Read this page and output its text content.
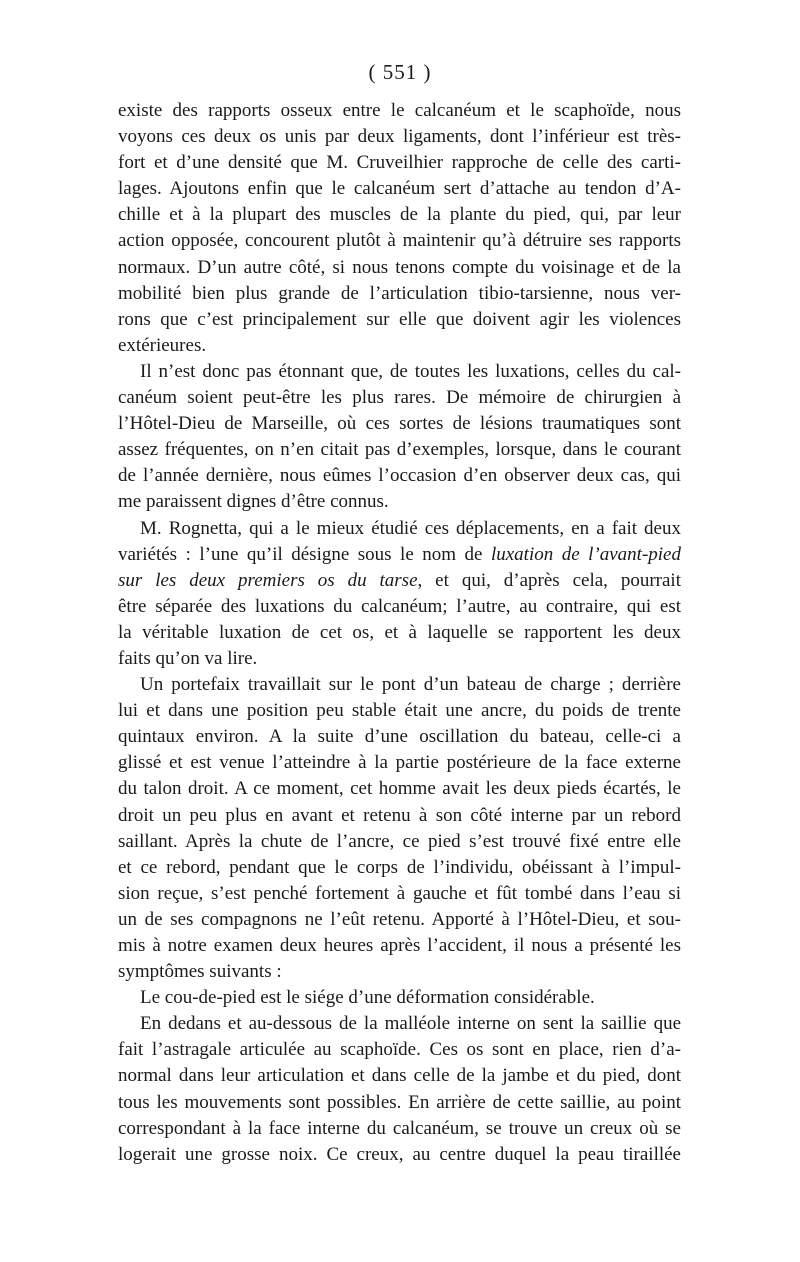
( 551 )
existe des rapports osseux entre le calcanéum et le scaphoïde, nous
voyons ces deux os unis par deux ligaments, dont l’inférieur est très-
fort et d’une densité que M. Cruveilhier rapproche de celle des carti-
lages. Ajoutons enfin que le calcanéum sert d’attache au tendon d’A-
chille et à la plupart des muscles de la plante du pied, qui, par leur
action opposée, concourent plutôt à maintenir qu’à détruire ses rapports
normaux. D’un autre côté, si nous tenons compte du voisinage et de la
mobilité bien plus grande de l’articulation tibio-tarsienne, nous ver-
rons que c’est principalement sur elle que doivent agir les violences
extérieures.
Il n’est donc pas étonnant que, de toutes les luxations, celles du cal-
canéum soient peut-être les plus rares. De mémoire de chirurgien à
l’Hôtel-Dieu de Marseille, où ces sortes de lésions traumatiques sont
assez fréquentes, on n’en citait pas d’exemples, lorsque, dans le courant
de l’année dernière, nous eûmes l’occasion d’en observer deux cas, qui
me paraissent dignes d’être connus.
M. Rognetta, qui a le mieux étudié ces déplacements, en a fait deux
variétés : l’une qu’il désigne sous le nom de luxation de l’avant-pied
sur les deux premiers os du tarse, et qui, d’après cela, pourrait
être séparée des luxations du calcanéum; l’autre, au contraire, qui est
la véritable luxation de cet os, et à laquelle se rapportent les deux
faits qu’on va lire.
Un portefaix travaillait sur le pont d’un bateau de charge ; derrière
lui et dans une position peu stable était une ancre, du poids de trente
quintaux environ. A la suite d’une oscillation du bateau, celle-ci a
glissé et est venue l’atteindre à la partie postérieure de la face externe
du talon droit. A ce moment, cet homme avait les deux pieds écartés, le
droit un peu plus en avant et retenu à son côté interne par un rebord
saillant. Après la chute de l’ancre, ce pied s’est trouvé fixé entre elle
et ce rebord, pendant que le corps de l’individu, obéissant à l’impul-
sion reçue, s’est penché fortement à gauche et fût tombé dans l’eau si
un de ses compagnons ne l’eût retenu. Apporté à l’Hôtel-Dieu, et sou-
mis à notre examen deux heures après l’accident, il nous a présenté les
symptômes suivants :
Le cou-de-pied est le siége d’une déformation considérable.
En dedans et au-dessous de la malléole interne on sent la saillie que
fait l’astragale articulée au scaphoïde. Ces os sont en place, rien d’a-
normal dans leur articulation et dans celle de la jambe et du pied, dont
tous les mouvements sont possibles. En arrière de cette saillie, au point
correspondant à la face interne du calcanéum, se trouve un creux où se
logerait une grosse noix. Ce creux, au centre duquel la peau tiraillée
